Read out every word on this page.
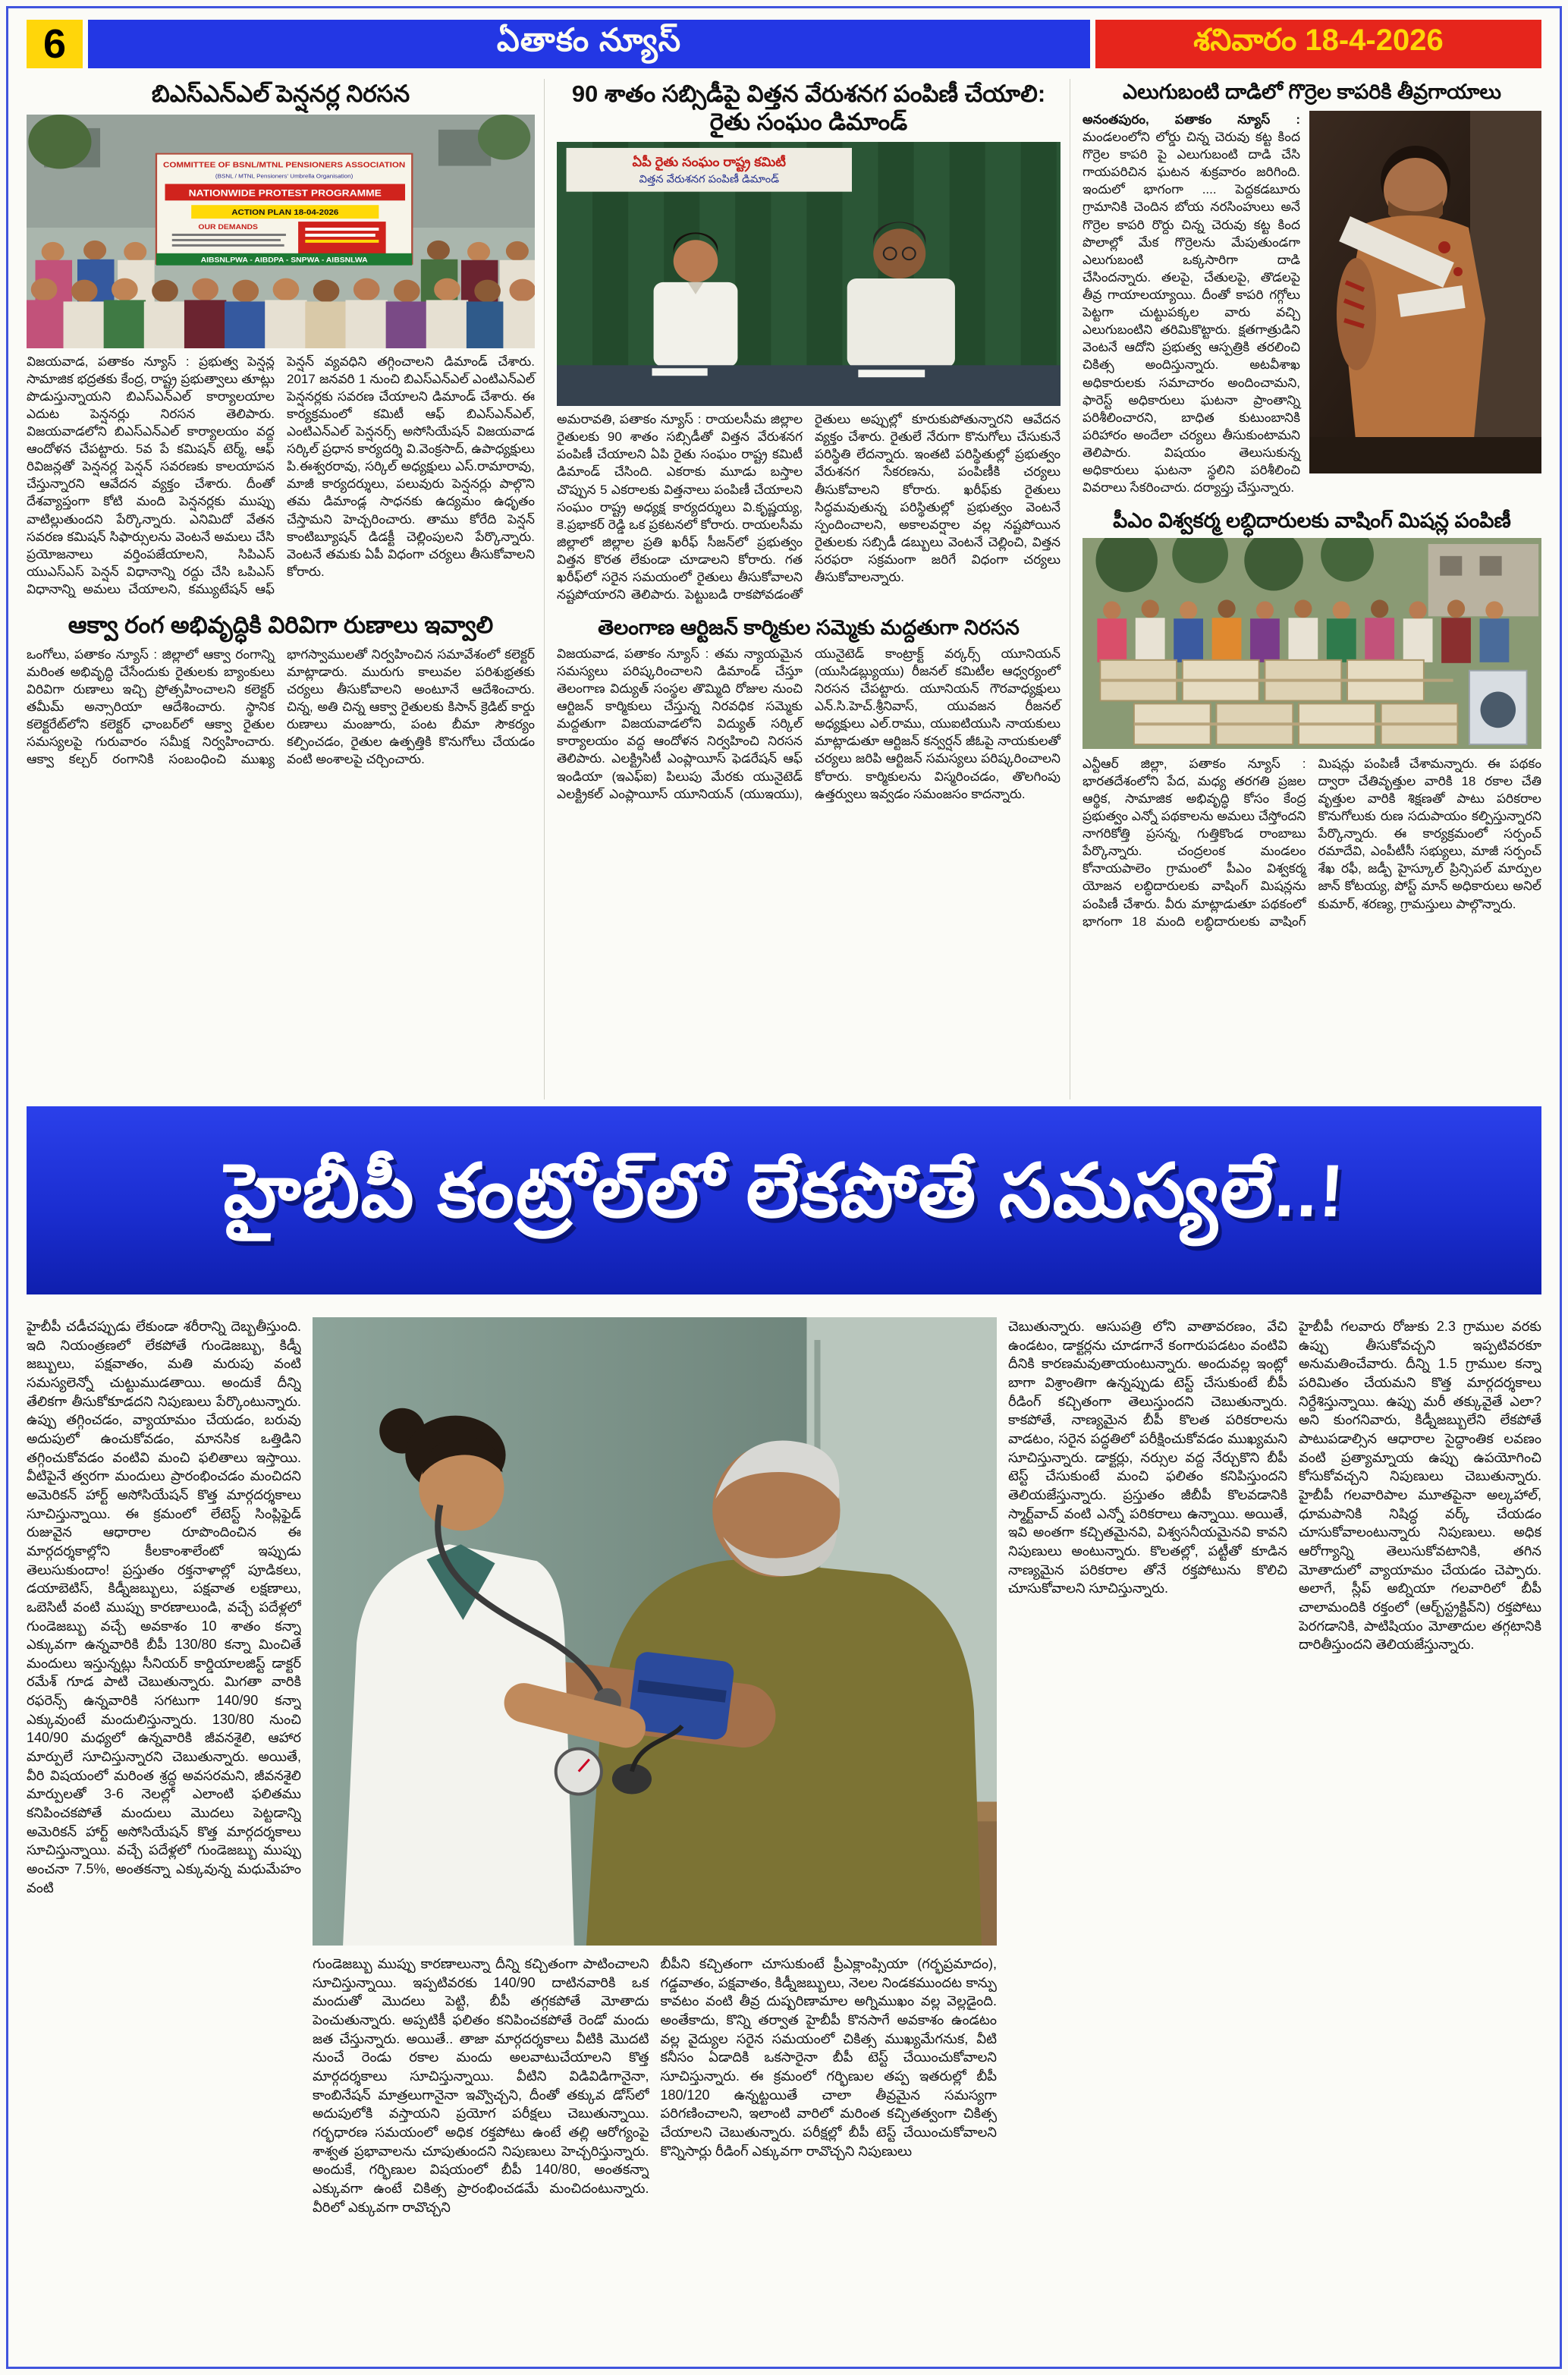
6	ఏతాకం న్యూస్	శనివారం 18-4-2026
బిఎస్ఎన్ఎల్ పెన్షనర్ల నిరసన
COMMITTEE OF BSNL/MTNL PENSIONERS ASSOCIATION
(BSNL / MTNL Pensioners' Umbrella Organisation)
NATIONWIDE PROTEST PROGRAMME
ACTION PLAN 18-04-2026
OUR DEMANDS
AIBSNLPWA - AIBDPA - SNPWA - AIBSNLWA

విజయవాడ, పతాకం న్యూస్ : ప్రభుత్వ పెన్షన్ల సామాజిక భద్రతకు కేంద్ర, రాష్ట్ర ప్రభుత్వాలు తూట్లు పొడుస్తున్నాయని బిఎస్ఎన్ఎల్ కార్యాలయాల ఎదుట పెన్షనర్లు నిరసన తెలిపారు. విజయవాడలోని బిఎస్ఎన్ఎల్ కార్యాలయం వద్ద ఆందోళన చేపట్టారు. 5వ పే కమిషన్ టెర్మ్, ఆఫ్ రివిజన్లతో పెన్షనర్ల పెన్షన్ సవరణకు కాలయాపన చేస్తున్నారని ఆవేదన వ్యక్తం చేశారు. దీంతో దేశవ్యాప్తంగా కోటి మంది పెన్షనర్లకు ముప్పు వాటిల్లుతుందని పేర్కొన్నారు. ఎనిమిదో వేతన సవరణ కమిషన్ సిఫార్సులను వెంటనే అమలు చేసి ప్రయోజనాలు వర్తింపజేయాలని, సిపిఎస్ యుఎస్ఎస్ పెన్షన్ విధానాన్ని రద్దు చేసి ఒపిఎస్ విధానాన్ని అమలు చేయాలని, కమ్యుటేషన్ ఆఫ్ పెన్షన్ వ్యవధిని తగ్గించాలని డిమాండ్ చేశారు. 2017 జనవరి 1 నుంచి బిఎస్ఎన్ఎల్ ఎంటిఎన్ఎల్ పెన్షనర్లకు సవరణ చేయాలని డిమాండ్ చేశారు. ఈ కార్యక్రమంలో కమిటీ ఆఫ్ బిఎస్ఎన్ఎల్, ఎంటిఎన్ఎల్ పెన్షనర్స్ అసోసియేషన్ విజయవాడ సర్కిల్ ప్రధాన కార్యదర్శి వి.వెంక్రసాద్, ఉపాధ్యక్షులు పి.ఈశ్వరరావు, సర్కిల్ అధ్యక్షులు ఎస్.రామారావు, మాజీ కార్యదర్శులు, పలువురు పెన్షనర్లు పాల్గొని తమ డిమాండ్ల సాధనకు ఉద్యమం ఉధృతం చేస్తామని హెచ్చరించారు. తాము కోరేది పెన్షన్ కాంటిబ్యూషన్ డిడక్టీ చెల్లింపులని పేర్కొన్నారు. వెంటనే తమకు ఏపీ విధంగా చర్యలు తీసుకోవాలని కోరారు.

ఆక్వా రంగ అభివృద్ధికి విరివిగా రుణాలు ఇవ్వాలి

ఒంగోలు, పతాకం న్యూస్ : జిల్లాలో ఆక్వా రంగాన్ని మరింత అభివృద్ధి చేసేందుకు రైతులకు బ్యాంకులు విరివిగా రుణాలు ఇచ్చి ప్రోత్సహించాలని కలెక్టర్ తమీమ్ అన్సారియా ఆదేశించారు. స్థానిక కలెక్టరేట్‌లోని కలెక్టర్ ఛాంబర్‌లో ఆక్వా రైతుల సమస్యలపై గురువారం సమీక్ష నిర్వహించారు. ఆక్వా కల్చర్ రంగానికి సంబంధించి ముఖ్య భాగస్వాములతో నిర్వహించిన సమావేశంలో కలెక్టర్ మాట్లాడారు. మురుగు కాలువల పరిశుభ్రతకు చర్యలు తీసుకోవాలని అంటూనే ఆదేశించారు. చిన్న, అతి చిన్న ఆక్వా రైతులకు కిసాన్ క్రెడిట్ కార్డు రుణాలు మంజూరు, పంట బీమా సౌకర్యం కల్పించడం, రైతుల ఉత్పత్తికి కొనుగోలు చేయడం వంటి అంశాలపై చర్చించారు.

90 శాతం సబ్సిడీపై విత్తన వేరుశనగ పంపిణీ చేయాలి: రైతు సంఘం డిమాండ్
ఏపీ రైతు సంఘం రాష్ట్ర కమిటీ
విత్తన వేరుశనగ పంపిణీ డిమాండ్

అమరావతి, పతాకం న్యూస్ : రాయలసీమ జిల్లాల రైతులకు 90 శాతం సబ్సిడీతో విత్తన వేరుశనగ పంపిణీ చేయాలని ఏపి రైతు సంఘం రాష్ట్ర కమిటీ డిమాండ్ చేసింది. ఎకరాకు మూడు బస్తాల చొప్పున 5 ఎకరాలకు విత్తనాలు పంపిణీ చేయాలని సంఘం రాష్ట్ర అధ్యక్ష కార్యదర్శులు వి.కృష్ణయ్య, కె.ప్రభాకర్ రెడ్డి ఒక ప్రకటనలో కోరారు. రాయలసీమ జిల్లాలో జిల్లాల ప్రతి ఖరీఫ్ సీజన్‌లో ప్రభుత్వం విత్తన కొరత లేకుండా చూడాలని కోరారు. గత ఖరీఫ్‌లో సరైన సమయంలో రైతులు తీసుకోవాలని నష్టపోయారని తెలిపారు. పెట్టుబడి రాకపోవడంతో రైతులు అప్పుల్లో కూరుకుపోతున్నారని ఆవేదన వ్యక్తం చేశారు. రైతులే నేరుగా కొనుగోలు చేసుకునే పరిస్థితి లేదన్నారు. ఇంతటి పరిస్థితుల్లో ప్రభుత్వం వేరుశనగ సేకరణను, పంపిణీకి చర్యలు తీసుకోవాలని కోరారు. ఖరీఫ్‌కు రైతులు సిద్ధమవుతున్న పరిస్థితుల్లో ప్రభుత్వం వెంటనే స్పందించాలని, అకాలవర్షాల వల్ల నష్టపోయిన రైతులకు సబ్సిడీ డబ్బులు వెంటనే చెల్లించి, విత్తన సరఫరా సక్రమంగా జరిగే విధంగా చర్యలు తీసుకోవాలన్నారు.

తెలంగాణ ఆర్టిజన్ కార్మికుల సమ్మెకు మద్దతుగా నిరసన

విజయవాడ, పతాకం న్యూస్ : తమ న్యాయమైన సమస్యలు పరిష్కరించాలని డిమాండ్ చేస్తూ తెలంగాణ విద్యుత్ సంస్థల తొమ్మిది రోజుల నుంచి ఆర్టిజన్ కార్మికులు చేస్తున్న నిరవధిక సమ్మెకు మద్దతుగా విజయవాడలోని విద్యుత్ సర్కిల్ కార్యాలయం వద్ద ఆందోళన నిర్వహించి నిరసన తెలిపారు. ఎలక్ట్రిసిటీ ఎంప్లాయీస్ ఫెడరేషన్ ఆఫ్ ఇండియా (ఇఎఫ్ఐ) పిలుపు మేరకు యునైటెడ్ ఎలక్ట్రికల్ ఎంప్లాయీస్ యూనియన్ (యుఇయు), యునైటెడ్ కాంట్రాక్ట్ వర్కర్స్ యూనియన్ (యుసిడబ్ల్యుయు) రీజనల్ కమిటీల ఆధ్వర్యంలో నిరసన చేపట్టారు. యూనియన్ గౌరవాధ్యక్షులు ఎన్.సి.హెచ్.శ్రీనివాస్, యువజన రీజనల్ అధ్యక్షులు ఎల్.రాము, యుఐటియుసి నాయకులు మాట్లాడుతూ ఆర్టిజన్ కన్వర్షన్ జీఓపై నాయకులతో చర్యలు జరిపి ఆర్టిజన్ సమస్యలు పరిష్కరించాలని కోరారు. కార్మికులను విస్మరించడం, తొలగింపు ఉత్తర్వులు ఇవ్వడం సమంజసం కాదన్నారు.

ఎలుగుబంటి దాడిలో గొర్రెల కాపరికి తీవ్రగాయాలు

అనంతపురం, పతాకం న్యూస్ : మండలంలోని లోర్డు చిన్న చెరువు కట్ట కింద గొర్రెల కాపరి పై ఎలుగుబంటి దాడి చేసి గాయపరిచిన ఘటన శుక్రవారం జరిగింది. ఇందులో భాగంగా .... పెద్దకడబూరు గ్రామానికి చెందిన బోయ నరసింహులు అనే గొర్రెల కాపరి రొర్దు చిన్న చెరువు కట్ట కింద పొలాల్లో మేక గొర్రెలను మేపుతుండగా ఎలుగుబంటి ఒక్కసారిగా దాడి చేసిందన్నారు. తలపై, చేతులపై, తొడలపై తీవ్ర గాయాలయ్యాయి. దీంతో కాపరి గగ్గోలు పెట్టగా చుట్టుపక్కల వారు వచ్చి ఎలుగుబంటిని తరిమికొట్టారు. క్షతగాత్రుడిని వెంటనే ఆదోని ప్రభుత్వ ఆస్పత్రికి తరలించి చికిత్స అందిస్తున్నారు. అటవీశాఖ అధికారులకు సమాచారం అందించామని, ఫారెస్ట్ అధికారులు ఘటనా ప్రాంతాన్ని పరిశీలించారని, బాధిత కుటుంబానికి పరిహారం అందేలా చర్యలు తీసుకుంటామని తెలిపారు. విషయం తెలుసుకున్న అధికారులు ఘటనా స్థలిని పరిశీలించి వివరాలు సేకరించారు. దర్యాప్తు చేస్తున్నారు.

పీఎం విశ్వకర్మ లబ్ధిదారులకు వాషింగ్ మిషన్ల పంపిణీ

ఎన్టీఆర్ జిల్లా, పతాకం న్యూస్ : భారతదేశంలోని పేద, మధ్య తరగతి ప్రజల ఆర్థిక, సామాజిక అభివృద్ధి కోసం కేంద్ర ప్రభుత్వం ఎన్నో పథకాలను అమలు చేస్తోందని నాగరికోత్తి ప్రసన్న, గుత్తికొండ రాంబాబు పేర్కొన్నారు. చంద్రలంక మండలం కోనాయపాలెం గ్రామంలో పీఎం విశ్వకర్మ యోజన లబ్ధిదారులకు వాషింగ్ మిషన్లను పంపిణీ చేశారు. వీరు మాట్లాడుతూ పథకంలో భాగంగా 18 మంది లబ్ధిదారులకు వాషింగ్ మిషన్లు పంపిణీ చేశామన్నారు. ఈ పథకం ద్వారా చేతివృత్తుల వారికి 18 రకాల చేతి వృత్తుల వారికి శిక్షణతో పాటు పరికరాల కొనుగోలుకు రుణ సదుపాయం కల్పిస్తున్నారని పేర్కొన్నారు. ఈ కార్యక్రమంలో సర్పంచ్ రమాదేవి, ఎంపీటీసీ సభ్యులు, మాజీ సర్పంచ్ శేఖ రఫీ, జడ్పీ హైస్కూల్ ప్రిన్సిపల్ మార్పుల జాన్ కోటయ్య, పోస్ట్ మాన్ అధికారులు అనిల్ కుమార్, శరణ్య, గ్రామస్తులు పాల్గొన్నారు.

హైబీపీ కంట్రోల్‌లో లేకపోతే సమస్యలే..!

హైబీపీ చడీచప్పుడు లేకుండా శరీరాన్ని దెబ్బతీస్తుంది. ఇది నియంత్రణలో లేకపోతే గుండెజబ్బు, కిడ్నీ జబ్బులు, పక్షవాతం, మతి మరుపు వంటి సమస్యలెన్నో చుట్టుముడతాయి. అందుకే దీన్ని తేలికగా తీసుకోకూడదని నిపుణులు పేర్కొంటున్నారు. ఉప్పు తగ్గించడం, వ్యాయామం చేయడం, బరువు అదుపులో ఉంచుకోవడం, మానసిక ఒత్తిడిని తగ్గించుకోవడం వంటివి మంచి ఫలితాలు ఇస్తాయి. వీటిపైనే త్వరగా మందులు ప్రారంభించడం మంచిదని అమెరికన్ హార్ట్ అసోసియేషన్ కొత్త మార్గదర్శకాలు సూచిస్తున్నాయి. ఈ క్రమంలో లేటెస్ట్ సింప్లిఫైడ్ రుజువైన ఆధారాల రూపొందించిన ఈ మార్గదర్శకాల్లోని కీలకాంశాలేంటో ఇప్పుడు తెలుసుకుందాం! ప్రస్తుతం రక్తనాళాల్లో పూడికలు, డయాబెటిస్, కిడ్నీజబ్బులు, పక్షవాత లక్షణాలు, ఒబెసిటీ వంటి ముప్పు కారణాలుండి, వచ్చే పదేళ్లలో గుండెజబ్బు వచ్చే అవకాశం 10 శాతం కన్నా ఎక్కువగా ఉన్నవారికి బీపీ 130/80 కన్నా మించితే మందులు ఇస్తున్నట్లు సీనియర్ కార్డియాలజిస్ట్ డాక్టర్ రమేశ్ గూడ పాటి చెబుతున్నారు. మిగతా వారికి రఫరెన్స్ ఉన్నవారికి సగటుగా 140/90 కన్నా ఎక్కువుంటే మందులిస్తున్నారు. 130/80 నుంచి 140/90 మధ్యలో ఉన్నవారికి జీవనశైలి, ఆహార మార్పులే సూచిస్తున్నారని చెబుతున్నారు. అయితే, వీరి విషయంలో మరింత శ్రద్ధ అవసరమని, జీవనశైలి మార్పులతో 3-6 నెలల్లో ఎలాంటి ఫలితము కనిపించకపోతే మందులు మొదలు పెట్టడాన్ని అమెరికన్ హార్ట్ అసోసియేషన్ కొత్త మార్గదర్శకాలు సూచిస్తున్నాయి. వచ్చే పదేళ్లలో గుండెజబ్బు ముప్పు అంచనా 7.5%, అంతకన్నా ఎక్కువున్న మధుమేహం వంటి

గుండెజబ్బు ముప్పు కారణాలున్నా దీన్ని కచ్చితంగా పాటించాలని సూచిస్తున్నాయి. ఇప్పటివరకు 140/90 దాటినవారికి ఒక మందుతో మొదలు పెట్టి, బీపీ తగ్గకపోతే మోతాదు పెంచుతున్నారు. అప్పటికీ ఫలితం కనిపించకపోతే రెండో మందు జత చేస్తున్నారు. అయితే.. తాజా మార్గదర్శకాలు వీటికి మొదటి నుంచే రెండు రకాల మందు అలవాటుచేయాలని కొత్త మార్గదర్శకాలు సూచిస్తున్నాయి. వీటిని విడివిడిగానైనా, కాంబినేషన్ మాత్రలుగానైనా ఇవ్వొచ్చని, దీంతో తక్కువ డోస్‌లో అదుపులోకి వస్తాయని ప్రయోగ పరీక్షలు చెబుతున్నాయి. గర్భధారణ సమయంలో అధిక రక్తపోటు ఉంటే తల్లి ఆరోగ్యంపై శాశ్వత ప్రభావాలను చూపుతుందని నిపుణులు హెచ్చరిస్తున్నారు. అందుకే, గర్భిణుల విషయంలో బీపీ 140/80, అంతకన్నా ఎక్కువగా ఉంటే చికిత్స ప్రారంభించడమే మంచిదంటున్నారు. వీరిలో ఎక్కువగా రావొచ్చని

బీపీని కచ్చితంగా చూసుకుంటే ప్రీఎక్లాంప్సియా (గర్భప్రమాదం), గడ్డవాతం, పక్షవాతం, కిడ్నీజబ్బులు, నెలల నిండకముందట కాన్పు కావటం వంటి తీవ్ర దుష్పరిణామాల అగ్నిముఖం వల్ల వెల్లడైంది. అంతేకాదు, కొన్ని తర్వాత హైబీపీ కొనసాగే అవకాశం ఉండటం వల్ల వైద్యుల సరైన సమయంలో చికిత్స ముఖ్యమేగనుక, వీటి కనీసం ఏడాదికి ఒకసారైనా బీపీ టెస్ట్ చేయించుకోవాలని సూచిస్తున్నారు. ఈ క్రమంలో గర్భిణుల తప్ప ఇతరుల్లో బీపీ 180/120 ఉన్నట్టయితే చాలా తీవ్రమైన సమస్యగా పరిగణించాలని, ఇలాంటి వారిలో మరింత కచ్చితత్వంగా చికిత్స చేయాలని చెబుతున్నారు. పరీక్షల్లో బీపీ టెస్ట్ చేయించుకోవాలని కొన్నిసార్లు రీడింగ్ ఎక్కువగా రావొచ్చని నిపుణులు

చెబుతున్నారు. ఆసుపత్రి లోని వాతావరణం, వేచి ఉండటం, డాక్టర్లను చూడగానే కంగారుపడటం వంటివి దీనికి కారణమవుతాయంటున్నారు. అందువల్ల ఇంట్లో బాగా విశ్రాంతిగా ఉన్నప్పుడు టెస్ట్ చేసుకుంటే బీపీ రీడింగ్ కచ్చితంగా తెలుస్తుందని చెబుతున్నారు. కాకపోతే, నాణ్యమైన బీపీ కొలత పరికరాలను వాడటం, సరైన పద్ధతిలో పరీక్షించుకోవడం ముఖ్యమని సూచిస్తున్నారు. డాక్టర్లు, నర్సుల వద్ద నేర్చుకొని బీపీ టెస్ట్ చేసుకుంటే మంచి ఫలితం కనిపిస్తుందని తెలియజేస్తున్నారు. ప్రస్తుతం జీబీపీ కొలవడానికి స్మార్ట్‌వాచ్ వంటి ఎన్నో పరికరాలు ఉన్నాయి. అయితే, ఇవి అంతగా కచ్చితమైనవి, విశ్వసనీయమైనవి కావని నిపుణులు అంటున్నారు. కొలతల్లో, పట్టీతో కూడిన నాణ్యమైన పరికరాల తోనే రక్తపోటును కొలిచి చూసుకోవాలని సూచిస్తున్నారు.

హైబీపీ గలవారు రోజుకు 2.3 గ్రాముల వరకు ఉప్పు తీసుకోవచ్చని ఇప్పటివరకూ అనుమతించేవారు. దీన్ని 1.5 గ్రాముల కన్నా పరిమితం చేయమని కొత్త మార్గదర్శకాలు నిర్దేశిస్తున్నాయి. ఉప్పు మరీ తక్కువైతే ఎలా? అని కుంగనివారు, కిడ్నీజబ్బులేని లేకపోతే పాటుపడాల్సిన ఆధారాల సైద్ధాంతిక లవణం వంటి ప్రత్యామ్నాయ ఉప్పు ఉపయోగించి కోసుకోవచ్చని నిపుణులు చెబుతున్నారు. హైబీపీ గలవారిపాల మూతపైనా అల్కహాల్, ధూమపానికి నిషిద్ధ వర్క్ చేయడం చూసుకోవాలంటున్నారు నిపుణులు. అధిక ఆరోగ్యాన్ని తెలుసుకోవటానికి, తగిన మోతాదులో వ్యాయామం చేయడం చెప్పారు. అలాగే, స్లీప్ అబ్నియా గలవారిలో బీపీ చాలామందికి రక్తంలో (ఆర్బ్‌స్ట్రక్టివ్‌ని) రక్తపోటు పెరగడానికి, పాటిషియం మోతాదుల తగ్గటానికి దారితీస్తుందని తెలియజేస్తున్నారు.
